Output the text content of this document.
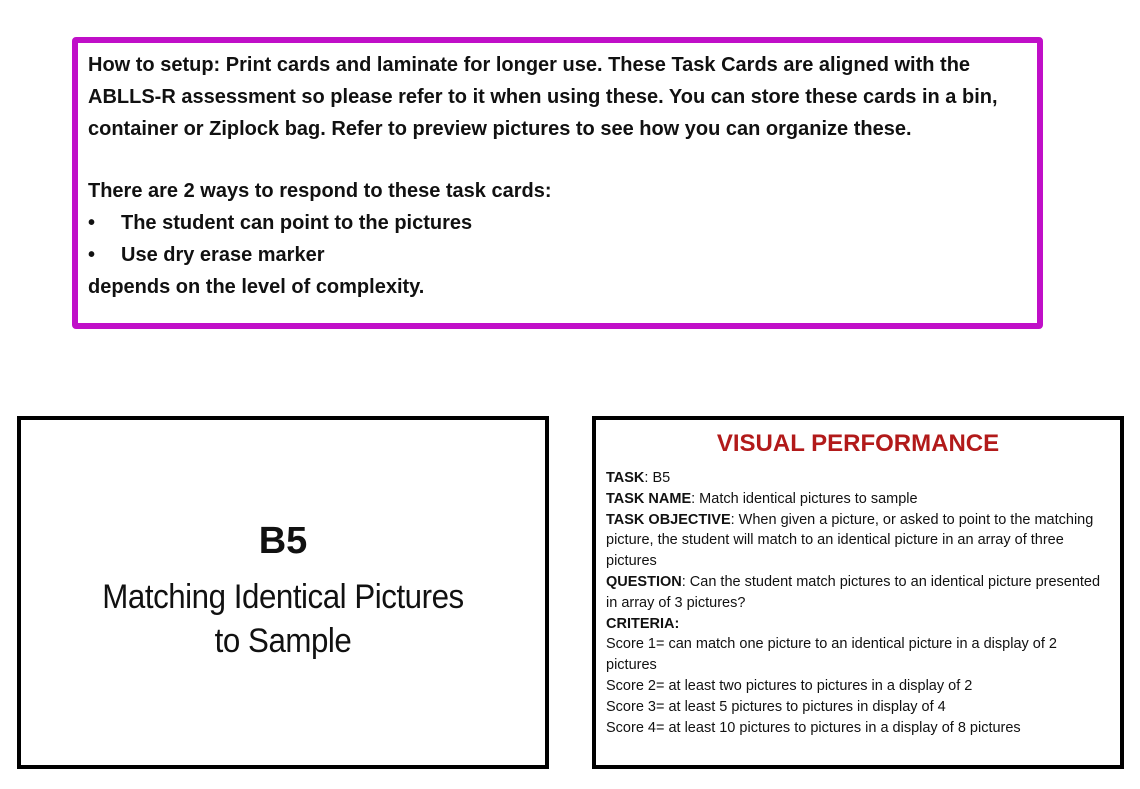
How to setup: Print cards and laminate for longer use. These Task Cards are aligned with the ABLLS-R assessment so please refer to it when using these. You can store these cards in a bin, container or Ziplock bag. Refer to preview pictures to see how you can organize these.

There are 2 ways to respond to these task cards:

•	The student can point to the pictures
•	Use dry erase marker

depends on the level of complexity.

B5
Matching Identical Pictures
to Sample
VISUAL PERFORMANCE
TASK: B5
TASK NAME: Match identical pictures to sample
TASK OBJECTIVE: When given a picture, or asked to point to the matching picture, the student will match to an identical picture in an array of three pictures
QUESTION: Can the student match pictures to an identical picture presented in array of 3 pictures?
CRITERIA:
Score 1= can match one picture to an identical picture in a display of 2 pictures
Score 2= at least two pictures to pictures in a display of 2
Score 3= at least 5 pictures to pictures in display of 4
Score 4= at least 10 pictures to pictures in a display of 8 pictures
